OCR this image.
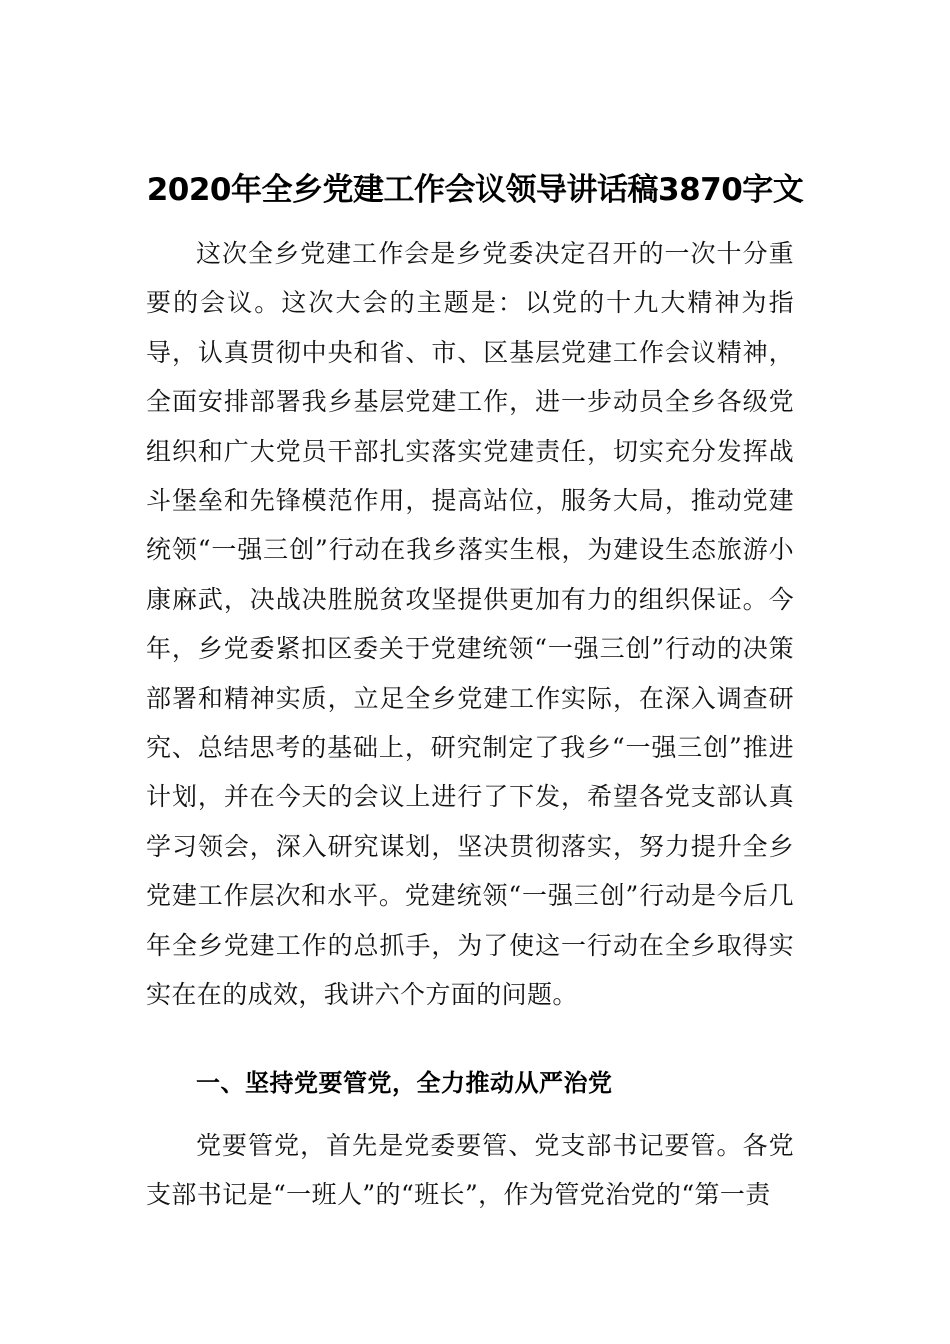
2020年全乡党建工作会议领导讲话稿3870字文

这次全乡党建工作会是乡党委决定召开的一次十分重要的会议。这次大会的主题是：以党的十九大精神为指导，认真贯彻中央和省、市、区基层党建工作会议精神，全面安排部署我乡基层党建工作，进一步动员全乡各级党组织和广大党员干部扎实落实党建责任，切实充分发挥战斗堡垒和先锋模范作用，提高站位，服务大局，推动党建统领“一强三创”行动在我乡落实生根，为建设生态旅游小康麻武，决战决胜脱贫攻坚提供更加有力的组织保证。今年，乡党委紧扣区委关于党建统领“一强三创”行动的决策部署和精神实质，立足全乡党建工作实际，在深入调查研究、总结思考的基础上，研究制定了我乡“一强三创”推进计划，并在今天的会议上进行了下发，希望各党支部认真学习领会，深入研究谋划，坚决贯彻落实，努力提升全乡党建工作层次和水平。党建统领“一强三创”行动是今后几年全乡党建工作的总抓手，为了使这一行动在全乡取得实实在在的成效，我讲六个方面的问题。

一、坚持党要管党，全力推动从严治党

党要管党，首先是党委要管、党支部书记要管。各党支部书记是“一班人”的“班长”，作为管党治党的“第一责
